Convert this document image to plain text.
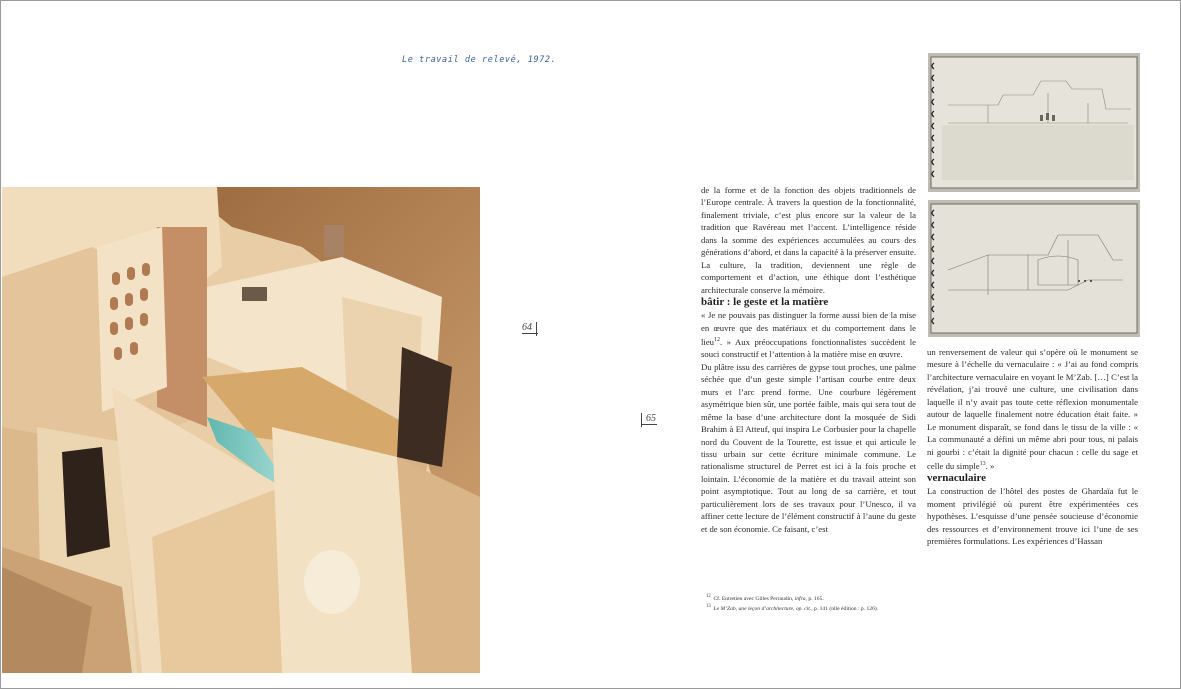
Le travail de relevé, 1972.
64
65

de la forme et de la fonction des objets traditionnels de l’Europe centrale. À travers la question de la fonctionnalité, finalement triviale, c’est plus encore sur la valeur de la tradition que Ravéreau met l’accent. L’intelligence réside dans la somme des expériences accumulées au cours des générations d’abord, et dans la capacité à la préserver ensuite. La culture, la tradition, deviennent une règle de comportement et d’action, une éthique dont l’esthétique architecturale conserve la mémoire.

bâtir : le geste et la matière

« Je ne pouvais pas distinguer la forme aussi bien de la mise en œuvre que des matériaux et du comportement dans le lieu$^{12}$. » Aux préoccupations fonctionnalistes succèdent le souci constructif et l’attention à la matière mise en œuvre.

Du plâtre issu des carrières de gypse tout proches, une palme séchée que d’un geste simple l’artisan courbe entre deux murs et l’arc prend forme. Une courbure légèrement asymétrique bien sûr, une portée faible, mais qui sera tout de même la base d’une architecture dont la mosquée de Sidi Brahim à El Atteuf, qui inspira Le Corbusier pour la chapelle nord du Couvent de la Tourette, est issue et qui articule le tissu urbain sur cette écriture minimale commune. Le rationalisme structurel de Perret est ici à la fois proche et lointain. L’économie de la matière et du travail atteint son point asymptotique. Tout au long de sa carrière, et tout particulièrement lors de ses travaux pour l’Unesco, il va affiner cette lecture de l’élément constructif à l’aune du geste et de son économie. Ce faisant, c’est

un renversement de valeur qui s’opère où le monument se mesure à l’échelle du vernaculaire : « J’ai au fond compris l’architecture vernaculaire en voyant le M’Zab. […] C’est la révélation, j’ai trouvé une culture, une civilisation dans laquelle il n’y avait pas toute cette réflexion monumentale autour de laquelle finalement notre éducation était faite. » Le monument disparaît, se fond dans le tissu de la ville : « La communauté a défini un même abri pour tous, ni palais ni gourbi : c’était la dignité pour chacun : celle du sage et celle du simple$^{13}$. »

vernaculaire

La construction de l’hôtel des postes de Ghardaïa fut le moment privilégié où purent être expérimentées ces hypothèses. L’esquisse d’une pensée soucieuse d’économie des ressources et d’environnement trouve ici l’une de ses premières formulations. Les expériences d’Hassan

$^{12}$ Cf. Entretien avec Gilles Perraudin, infra, p. 165.
$^{13}$ Le M’Zab, une leçon d’architecture, op. cit., p. 141 (nlle édition : p. 126).
